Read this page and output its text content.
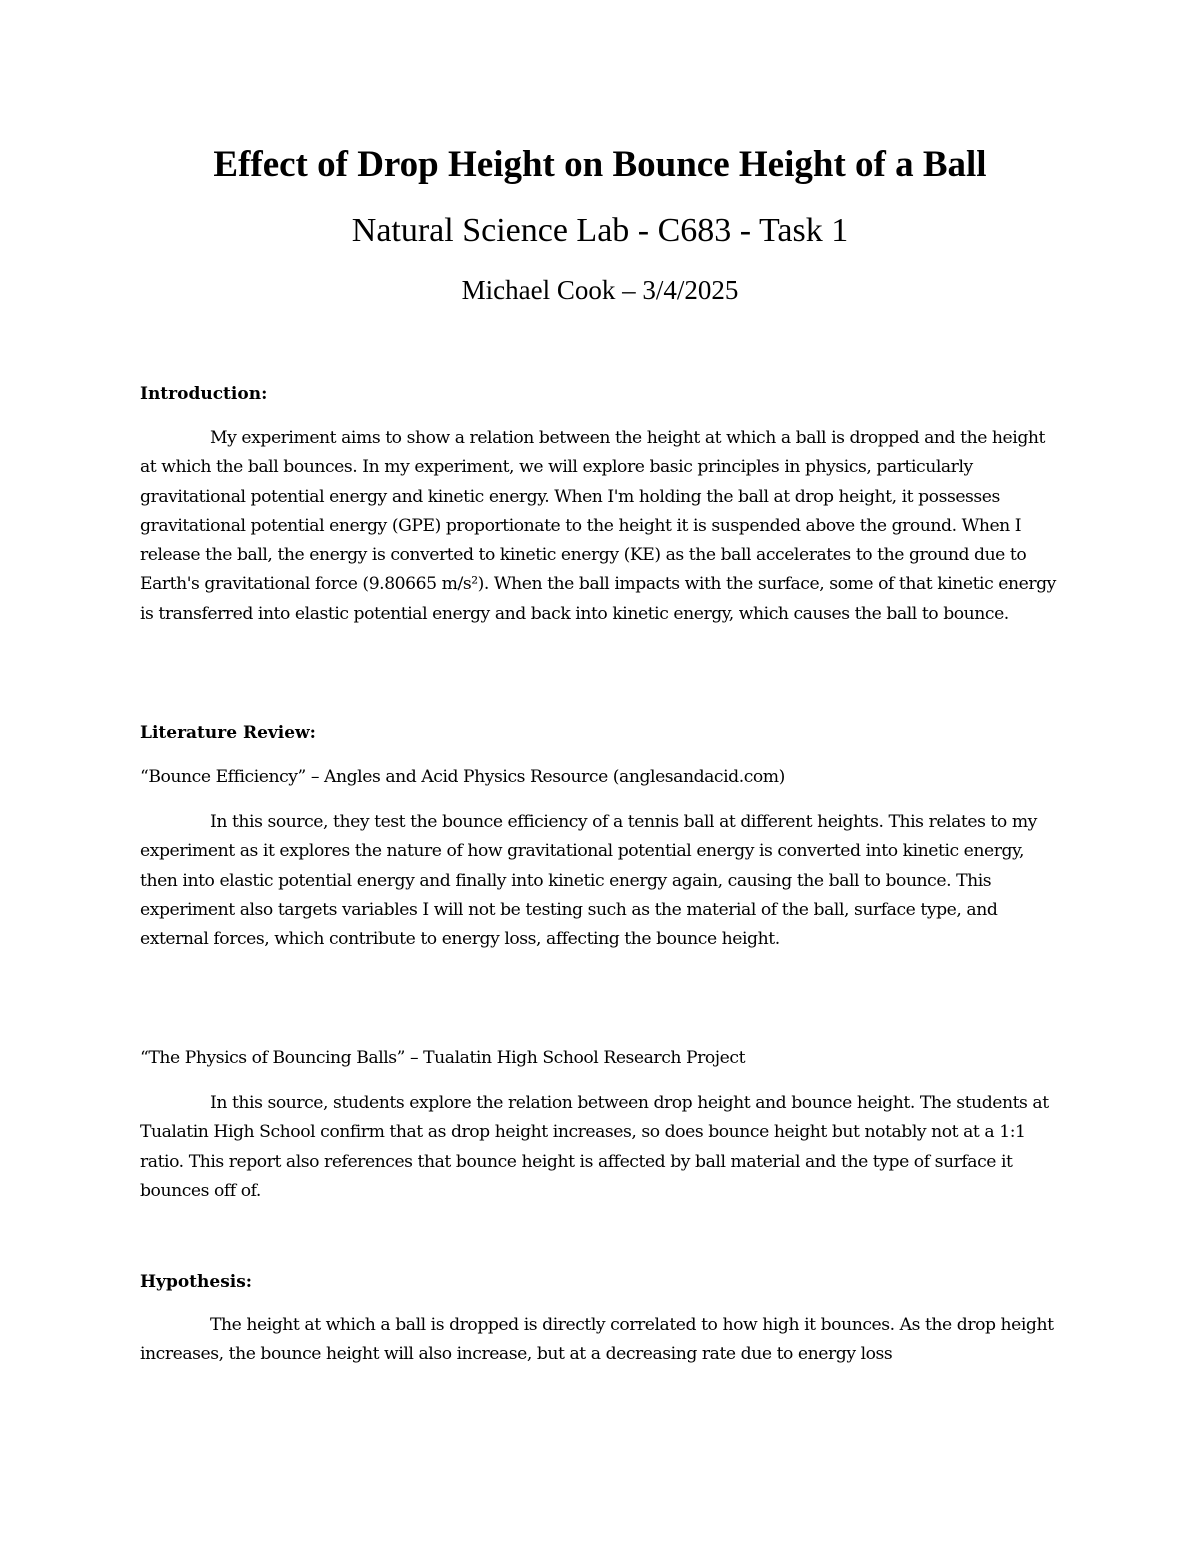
Effect of Drop Height on Bounce Height of a Ball
Natural Science Lab - C683 - Task 1
Michael Cook – 3/4/2025
Introduction:

My experiment aims to show a relation between the height at which a ball is dropped and the height at which the ball bounces. In my experiment, we will explore basic principles in physics, particularly gravitational potential energy and kinetic energy. When I'm holding the ball at drop height, it possesses gravitational potential energy (GPE) proportionate to the height it is suspended above the ground. When I release the ball, the energy is converted to kinetic energy (KE) as the ball accelerates to the ground due to Earth's gravitational force (9.80665 m/s²). When the ball impacts with the surface, some of that kinetic energy is transferred into elastic potential energy and back into kinetic energy, which causes the ball to bounce.

Literature Review:
“Bounce Efficiency” – Angles and Acid Physics Resource (anglesandacid.com)

In this source, they test the bounce efficiency of a tennis ball at different heights. This relates to my experiment as it explores the nature of how gravitational potential energy is converted into kinetic energy, then into elastic potential energy and finally into kinetic energy again, causing the ball to bounce. This experiment also targets variables I will not be testing such as the material of the ball, surface type, and external forces, which contribute to energy loss, affecting the bounce height.

“The Physics of Bouncing Balls” – Tualatin High School Research Project

In this source, students explore the relation between drop height and bounce height. The students at Tualatin High School confirm that as drop height increases, so does bounce height but notably not at a 1:1 ratio. This report also references that bounce height is affected by ball material and the type of surface it bounces off of.

Hypothesis:

The height at which a ball is dropped is directly correlated to how high it bounces. As the drop height increases, the bounce height will also increase, but at a decreasing rate due to energy loss
